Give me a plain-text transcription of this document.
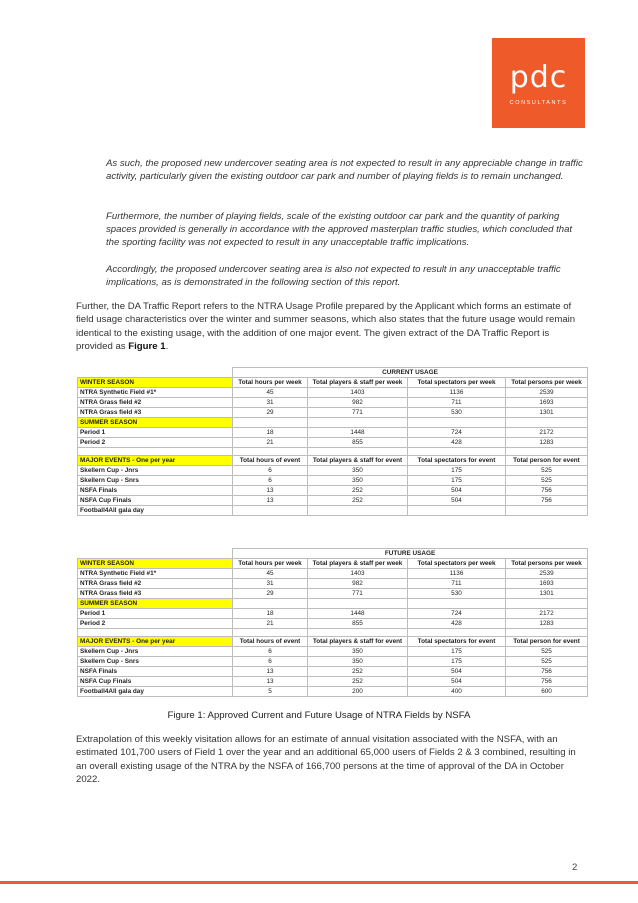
pdc
CONSULTANTS

As such, the proposed new undercover seating area is not expected to result in any appreciable change in traffic activity, particularly given the existing outdoor car park and number of playing fields is to remain unchanged.

Furthermore, the number of playing fields, scale of the existing outdoor car park and the quantity of parking spaces provided is generally in accordance with the approved masterplan traffic studies, which concluded that the sporting facility was not expected to result in any unacceptable traffic implications.

Accordingly, the proposed undercover seating area is also not expected to result in any unacceptable traffic implications, as is demonstrated in the following section of this report.

Further, the DA Traffic Report refers to the NTRA Usage Profile prepared by the Applicant which forms an estimate of field usage characteristics over the winter and summer seasons, which also states that the future usage would remain identical to the existing usage, with the addition of one major event. The given extract of the DA Traffic Report is provided as Figure 1.

	CURRENT USAGE			
WINTER SEASON	Total hours per week	Total players & staff per week	Total spectators per week	Total persons per week
NTRA Synthetic Field #1*	45	1403	1136	2539
NTRA Grass field #2	31	982	711	1693
NTRA Grass field #3	29	771	530	1301
SUMMER SEASON				
Period 1	18	1448	724	2172
Period 2	21	855	428	1283

MAJOR EVENTS - One per year	Total hours of event	Total players & staff for event	Total spectators for event	Total person for event
Skellern Cup - Jnrs	6	350	175	525
Skellern Cup - Snrs	6	350	175	525
NSFA Finals	13	252	504	756
NSFA Cup Finals	13	252	504	756
Football4All gala day				
	FUTURE USAGE			
WINTER SEASON	Total hours per week	Total players & staff per week	Total spectators per week	Total persons per week
NTRA Synthetic Field #1*	45	1403	1136	2539
NTRA Grass field #2	31	982	711	1693
NTRA Grass field #3	29	771	530	1301
SUMMER SEASON				
Period 1	18	1448	724	2172
Period 2	21	855	428	1283

MAJOR EVENTS - One per year	Total hours of event	Total players & staff for event	Total spectators for event	Total person for event
Skellern Cup - Jnrs	6	350	175	525
Skellern Cup - Snrs	6	350	175	525
NSFA Finals	13	252	504	756
NSFA Cup Finals	13	252	504	756
Football4All gala day	5	200	400	600

Figure 1: Approved Current and Future Usage of NTRA Fields by NSFA

Extrapolation of this weekly visitation allows for an estimate of annual visitation associated with the NSFA, with an estimated 101,700 users of Field 1 over the year and an additional 65,000 users of Fields 2 & 3 combined, resulting in an overall existing usage of the NTRA by the NSFA of 166,700 persons at the time of approval of the DA in October 2022.

2
